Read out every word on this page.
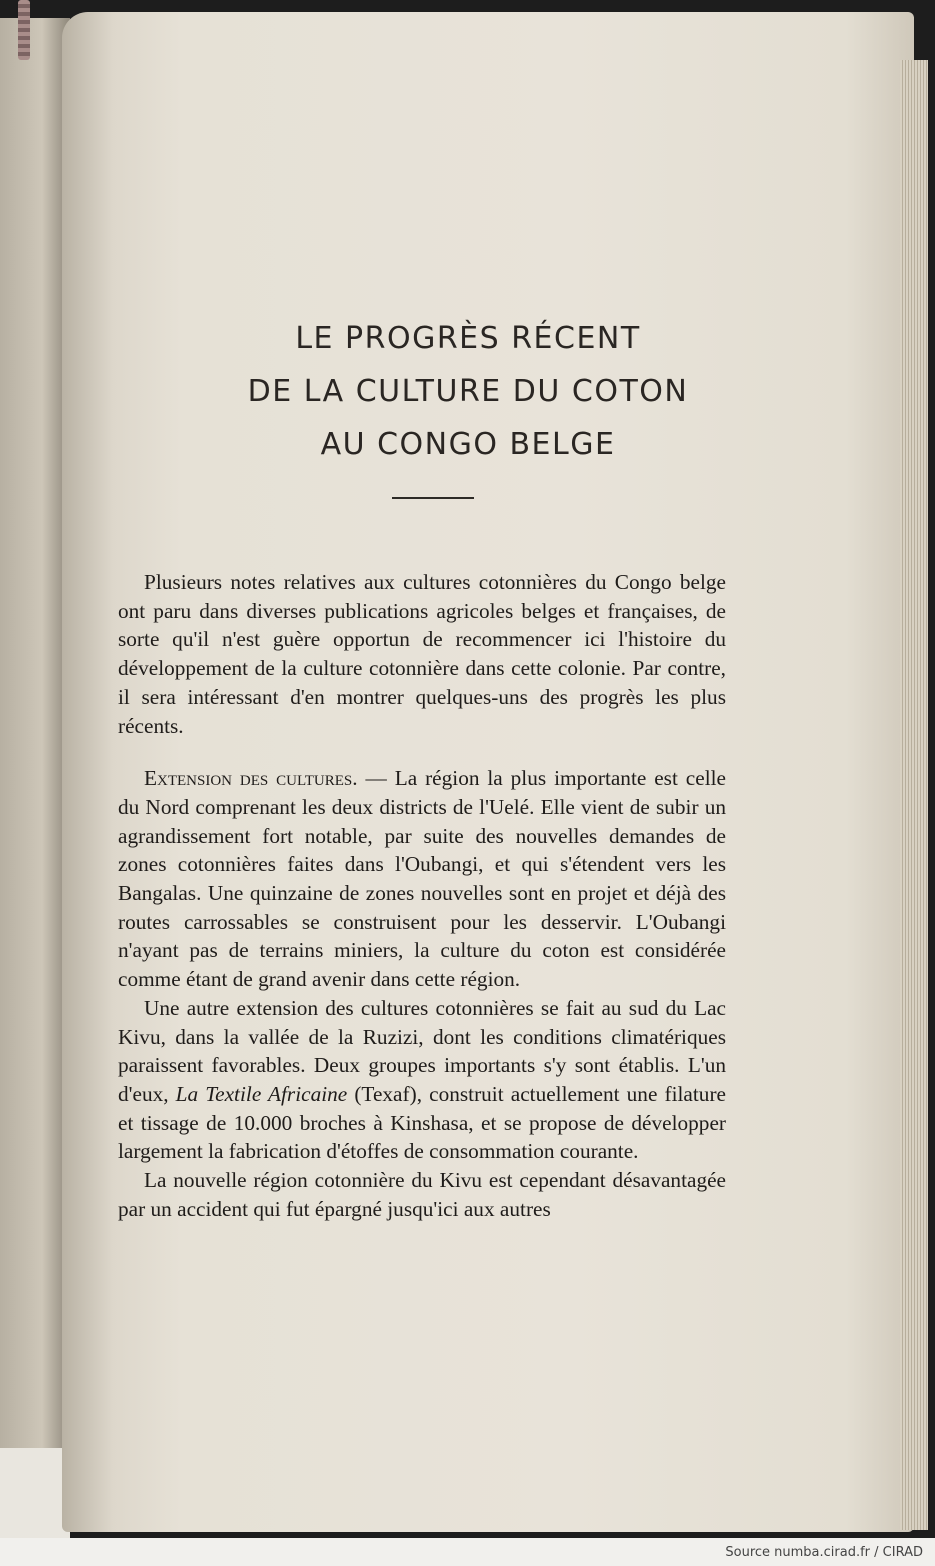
LE PROGRÈS RÉCENT
DE LA CULTURE DU COTON
AU CONGO BELGE

Plusieurs notes relatives aux cultures cotonnières du Congo belge ont paru dans diverses publications agricoles belges et françaises, de sorte qu'il n'est guère opportun de recommencer ici l'histoire du développement de la culture cotonnière dans cette colonie. Par contre, il sera intéressant d'en montrer quelques-uns des progrès les plus récents.

Extension des cultures. — La région la plus importante est celle du Nord comprenant les deux districts de l'Uelé. Elle vient de subir un agrandissement fort notable, par suite des nouvelles demandes de zones cotonnières faites dans l'Oubangi, et qui s'étendent vers les Bangalas. Une quinzaine de zones nouvelles sont en projet et déjà des routes carrossables se construisent pour les desservir. L'Oubangi n'ayant pas de terrains miniers, la culture du coton est considérée comme étant de grand avenir dans cette région.

Une autre extension des cultures cotonnières se fait au sud du Lac Kivu, dans la vallée de la Ruzizi, dont les conditions climatériques paraissent favorables. Deux groupes importants s'y sont établis. L'un d'eux, La Textile Africaine (Texaf), construit actuellement une filature et tissage de 10.000 broches à Kinshasa, et se propose de développer largement la fabrication d'étoffes de consommation courante.

La nouvelle région cotonnière du Kivu est cependant désavantagée par un accident qui fut épargné jusqu'ici aux autres

Source numba.cirad.fr / CIRAD
